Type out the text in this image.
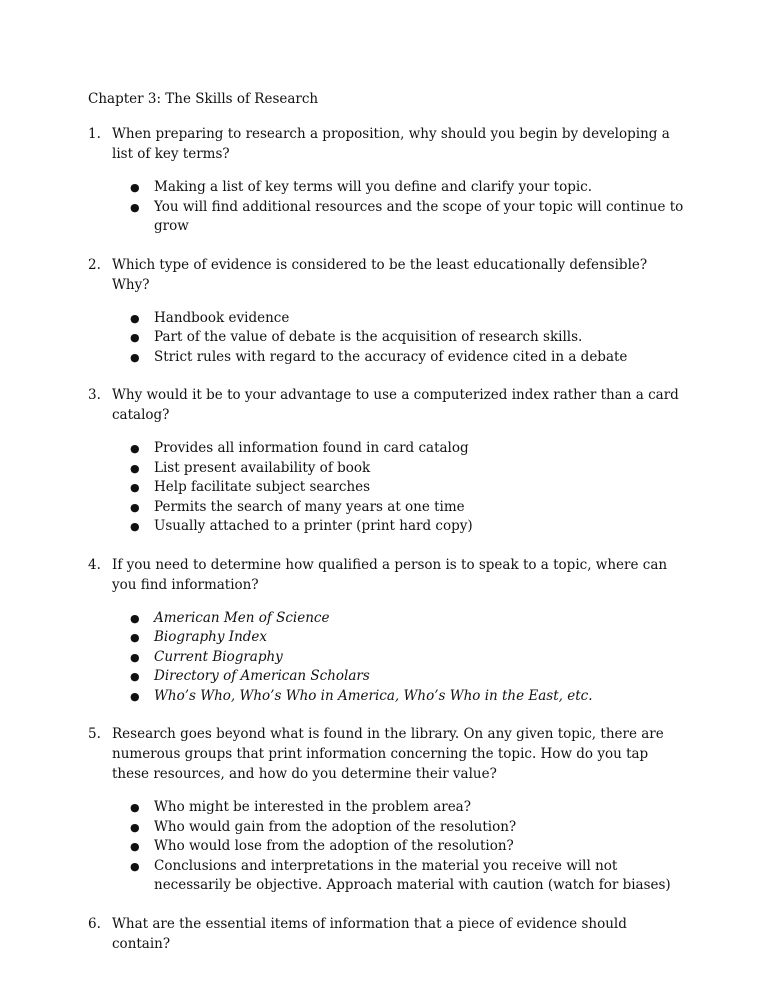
Chapter 3: The Skills of Research
1. When preparing to research a proposition, why should you begin by developing a list of key terms?
● Making a list of key terms will you define and clarify your topic.
● You will find additional resources and the scope of your topic will continue to grow
2. Which type of evidence is considered to be the least educationally defensible? Why?
● Handbook evidence
● Part of the value of debate is the acquisition of research skills.
● Strict rules with regard to the accuracy of evidence cited in a debate
3. Why would it be to your advantage to use a computerized index rather than a card catalog?
● Provides all information found in card catalog
● List present availability of book
● Help facilitate subject searches
● Permits the search of many years at one time
● Usually attached to a printer (print hard copy)
4. If you need to determine how qualified a person is to speak to a topic, where can you find information?
● American Men of Science
● Biography Index
● Current Biography
● Directory of American Scholars
● Who’s Who, Who’s Who in America, Who’s Who in the East, etc.
5. Research goes beyond what is found in the library. On any given topic, there are numerous groups that print information concerning the topic. How do you tap these resources, and how do you determine their value?
● Who might be interested in the problem area?
● Who would gain from the adoption of the resolution?
● Who would lose from the adoption of the resolution?
● Conclusions and interpretations in the material you receive will not necessarily be objective. Approach material with caution (watch for biases)
6. What are the essential items of information that a piece of evidence should contain?
